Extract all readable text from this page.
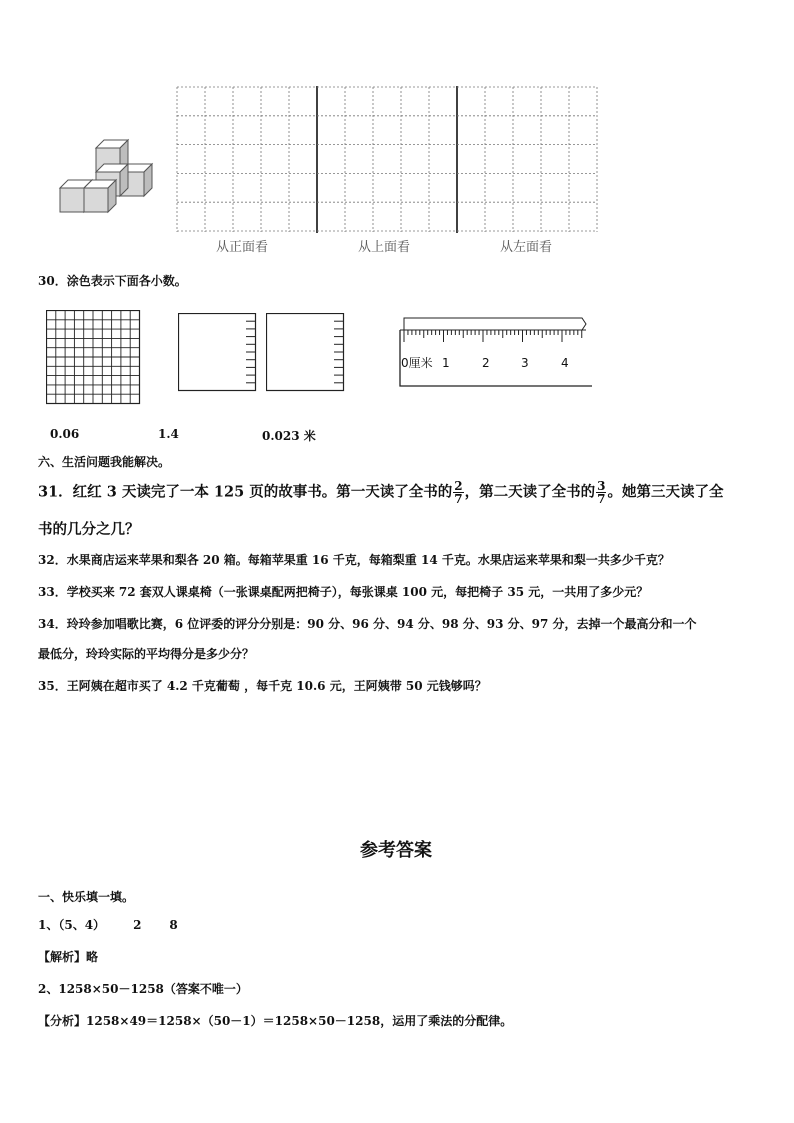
从正面看	从上面看	从左面看
30．涂色表示下面各小数。
0厘米 1	2	3	4
0.06	1.4	0.023 米
六、生活问题我能解决。
31．红红 3 天读完了一本 125 页的故事书。第一天读了全书的 $\frac{2}{7}$ ，第二天读了全书的 $\frac{3}{7}$ 。她第三天读了全
书的几分之几？
32．水果商店运来苹果和梨各 20 箱。每箱苹果重 16 千克，每箱梨重 14 千克。水果店运来苹果和梨一共多少千克？
33．学校买来 72 套双人课桌椅（一张课桌配两把椅子），每张课桌 100 元，每把椅子 35 元，一共用了多少元？
34．玲玲参加唱歌比赛，6 位评委的评分分别是：90 分、96 分、94 分、98 分、93 分、97 分，去掉一个最高分和一个
最低分，玲玲实际的平均得分是多少分？
35．王阿姨在超市买了 4.2 千克葡萄 ，每千克 10.6 元，王阿姨带 50 元钱够吗？
参考答案
一、快乐填一填。
1、（5、4） 2 8
【解析】略
2、1258×50－1258（答案不唯一）
【分析】1258×49＝1258×（50－1）＝1258×50－1258，运用了乘法的分配律。
